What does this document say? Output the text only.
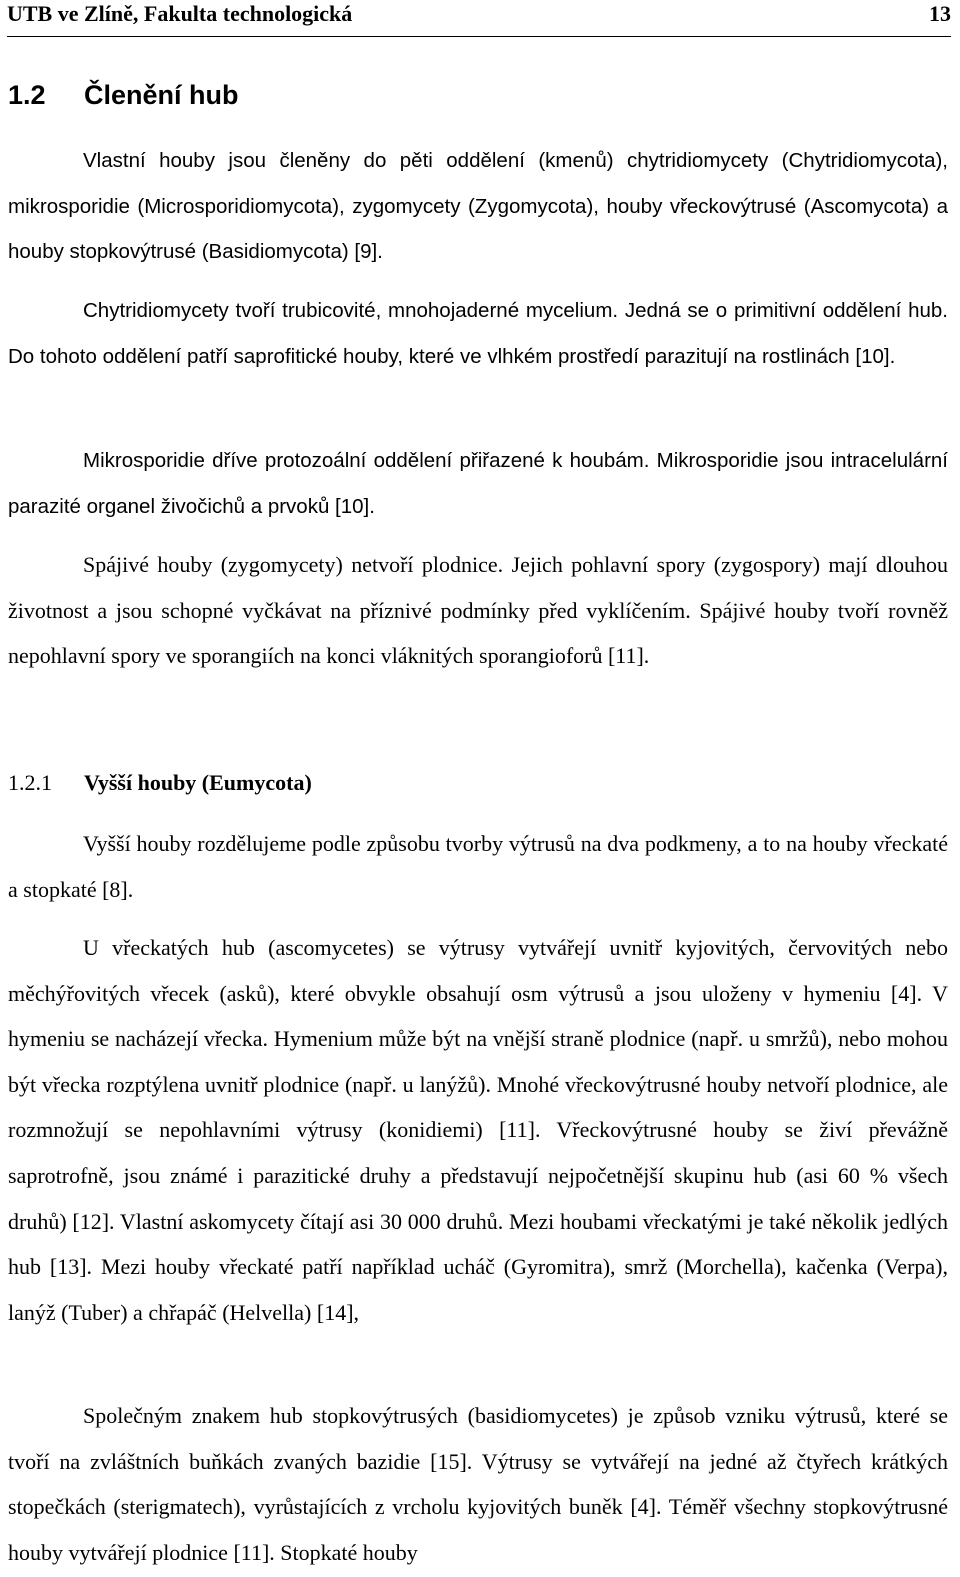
UTB ve Zlíně, Fakulta technologická	13
1.2 Členění hub

Vlastní houby jsou členěny do pěti oddělení (kmenů) chytridiomycety (Chytridiomycota), mikrosporidie (Microsporidiomycota), zygomycety (Zygomycota), houby vřeckovýtrusé (Ascomycota) a houby stopkovýtrusé (Basidiomycota) [9].

Chytridiomycety tvoří trubicovité, mnohojaderné mycelium. Jedná se o primitivní oddělení hub. Do tohoto oddělení patří saprofitické houby, které ve vlhkém prostředí parazitují na rostlinách [10].

Mikrosporidie dříve protozoální oddělení přiřazené k houbám. Mikrosporidie jsou intracelulární parazité organel živočichů a prvoků [10].

Spájivé houby (zygomycety) netvoří plodnice. Jejich pohlavní spory (zygospory) mají dlouhou životnost a jsou schopné vyčkávat na příznivé podmínky před vyklíčením. Spájivé houby tvoří rovněž nepohlavní spory ve sporangiích na konci vláknitých sporangioforů [11].

1.2.1 Vyšší houby (Eumycota)

Vyšší houby rozdělujeme podle způsobu tvorby výtrusů na dva podkmeny, a to na houby vřeckaté a stopkaté [8].

U vřeckatých hub (ascomycetes) se výtrusy vytvářejí uvnitř kyjovitých, červovitých nebo měchýřovitých vřecek (asků), které obvykle obsahují osm výtrusů a jsou uloženy v hymeniu [4]. V hymeniu se nacházejí vřecka. Hymenium může být na vnější straně plodnice (např. u smržů), nebo mohou být vřecka rozptýlena uvnitř plodnice (např. u lanýžů). Mnohé vřeckovýtrusné houby netvoří plodnice, ale rozmnožují se nepohlavními výtrusy (konidiemi) [11]. Vřeckovýtrusné houby se živí převážně saprotrofně, jsou známé i parazitické druhy a představují nejpočetnější skupinu hub (asi 60 % všech druhů) [12]. Vlastní askomycety čítají asi 30 000 druhů. Mezi houbami vřeckatými je také několik jedlých hub [13]. Mezi houby vřeckaté patří například ucháč (Gyromitra), smrž (Morchella), kačenka (Verpa), lanýž (Tuber) a chřapáč (Helvella) [14],

Společným znakem hub stopkovýtrusých (basidiomycetes) je způsob vzniku výtrusů, které se tvoří na zvláštních buňkách zvaných bazidie [15]. Výtrusy se vytvářejí na jedné až čtyřech krátkých stopečkách (sterigmatech), vyrůstajících z vrcholu kyjovitých buněk [4]. Téměř všechny stopkovýtrusné houby vytvářejí plodnice [11]. Stopkaté houby
